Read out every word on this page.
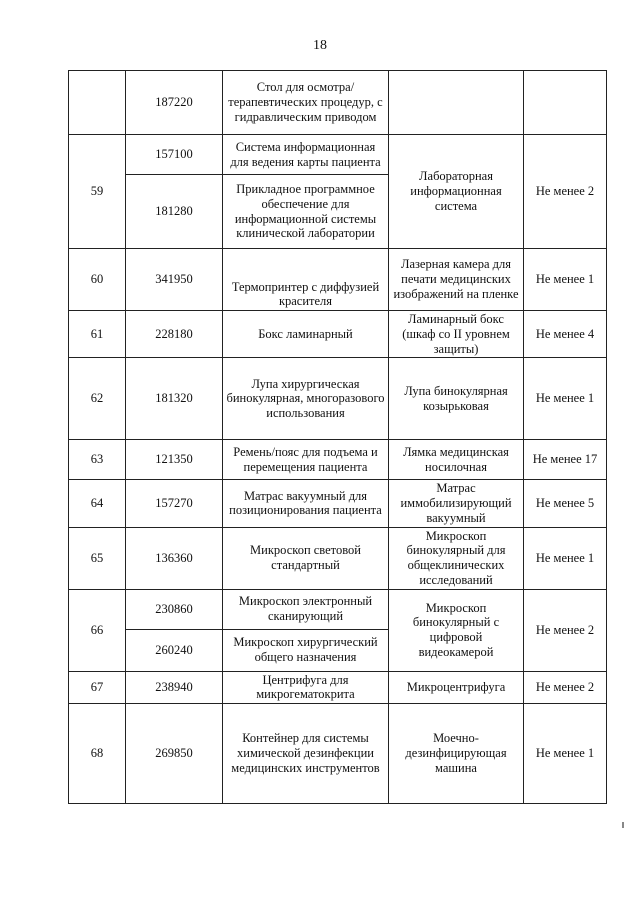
18
	187220	Стол для осмотра/терапевтических процедур, с гидравлическим приводом		
59	157100	Система информационная для ведения карты пациента	Лабораторная информационная система	Не менее 2
	181280	Прикладное программное обеспечение для информационной системы клинической лаборатории		
60	341950	Термопринтер с диффузией красителя	Лазерная камера для печати медицинских изображений на пленке	Не менее 1
61	228180	Бокс ламинарный	Ламинарный бокс (шкаф со II уровнем защиты)	Не менее 4
62	181320	Лупа хирургическая бинокулярная, многоразового использования	Лупа бинокулярная козырьковая	Не менее 1
63	121350	Ремень/пояс для подъема и перемещения пациента	Лямка медицинская носилочная	Не менее 17
64	157270	Матрас вакуумный для позиционирования пациента	Матрас иммобилизирующий вакуумный	Не менее 5
65	136360	Микроскоп световой стандартный	Микроскоп бинокулярный для общеклинических исследований	Не менее 1
66	230860	Микроскоп электронный сканирующий	Микроскоп бинокулярный с цифровой видеокамерой	Не менее 2
	260240	Микроскоп хирургический общего назначения		
67	238940	Центрифуга для микрогематокрита	Микроцентрифуга	Не менее 2
68	269850	Контейнер для системы химической дезинфекции медицинских инструментов	Моечно-дезинфицирующая машина	Не менее 1
